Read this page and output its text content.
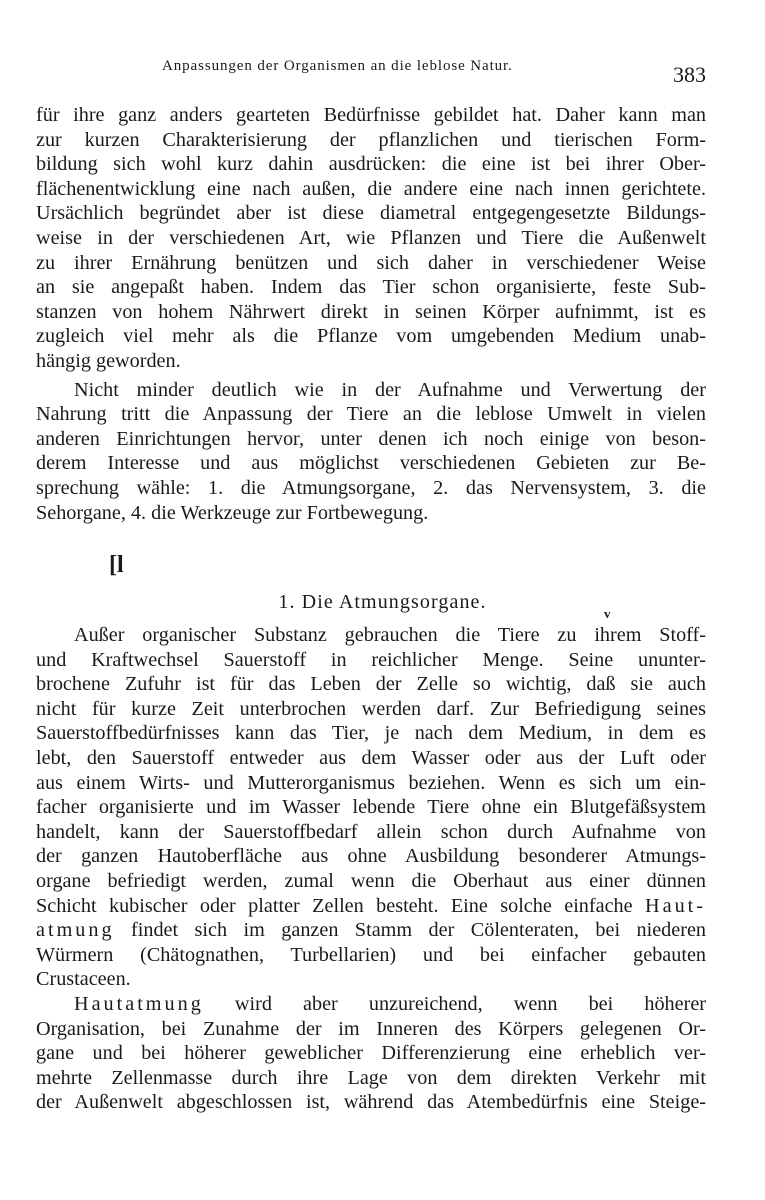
Anpassungen der Organismen an die leblose Natur.	383
für ihre ganz anders gearteten Bedürfnisse gebildet hat. Daher kann man
zur kurzen Charakterisierung der pflanzlichen und tierischen Form-
bildung sich wohl kurz dahin ausdrücken: die eine ist bei ihrer Ober-
flächenentwicklung eine nach außen, die andere eine nach innen gerichtete.
Ursächlich begründet aber ist diese diametral entgegengesetzte Bildungs-
weise in der verschiedenen Art, wie Pflanzen und Tiere die Außenwelt
zu ihrer Ernährung benützen und sich daher in verschiedener Weise
an sie angepaßt haben. Indem das Tier schon organisierte, feste Sub-
stanzen von hohem Nährwert direkt in seinen Körper aufnimmt, ist es
zugleich viel mehr als die Pflanze vom umgebenden Medium unab-
hängig geworden.
Nicht minder deutlich wie in der Aufnahme und Verwertung der
Nahrung tritt die Anpassung der Tiere an die leblose Umwelt in vielen
anderen Einrichtungen hervor, unter denen ich noch einige von beson-
derem Interesse und aus möglichst verschiedenen Gebieten zur Be-
sprechung wähle: 1. die Atmungsorgane, 2. das Nervensystem, 3. die
Sehorgane, 4. die Werkzeuge zur Fortbewegung.
[l
1. Die Atmungsorgane.
v
Außer organischer Substanz gebrauchen die Tiere zu ihrem Stoff-
und Kraftwechsel Sauerstoff in reichlicher Menge. Seine ununter-
brochene Zufuhr ist für das Leben der Zelle so wichtig, daß sie auch
nicht für kurze Zeit unterbrochen werden darf. Zur Befriedigung seines
Sauerstoffbedürfnisses kann das Tier, je nach dem Medium, in dem es
lebt, den Sauerstoff entweder aus dem Wasser oder aus der Luft oder
aus einem Wirts- und Mutterorganismus beziehen. Wenn es sich um ein-
facher organisierte und im Wasser lebende Tiere ohne ein Blutgefäßsystem
handelt, kann der Sauerstoffbedarf allein schon durch Aufnahme von
der ganzen Hautoberfläche aus ohne Ausbildung besonderer Atmungs-
organe befriedigt werden, zumal wenn die Oberhaut aus einer dünnen
Schicht kubischer oder platter Zellen besteht. Eine solche einfache Haut-
atmung findet sich im ganzen Stamm der Cölenteraten, bei niederen
Würmern (Chätognathen, Turbellarien) und bei einfacher gebauten
Crustaceen.
Hautatmung wird aber unzureichend, wenn bei höherer
Organisation, bei Zunahme der im Inneren des Körpers gelegenen Or-
gane und bei höherer geweblicher Differenzierung eine erheblich ver-
mehrte Zellenmasse durch ihre Lage von dem direkten Verkehr mit
der Außenwelt abgeschlossen ist, während das Atembedürfnis eine Steige-
